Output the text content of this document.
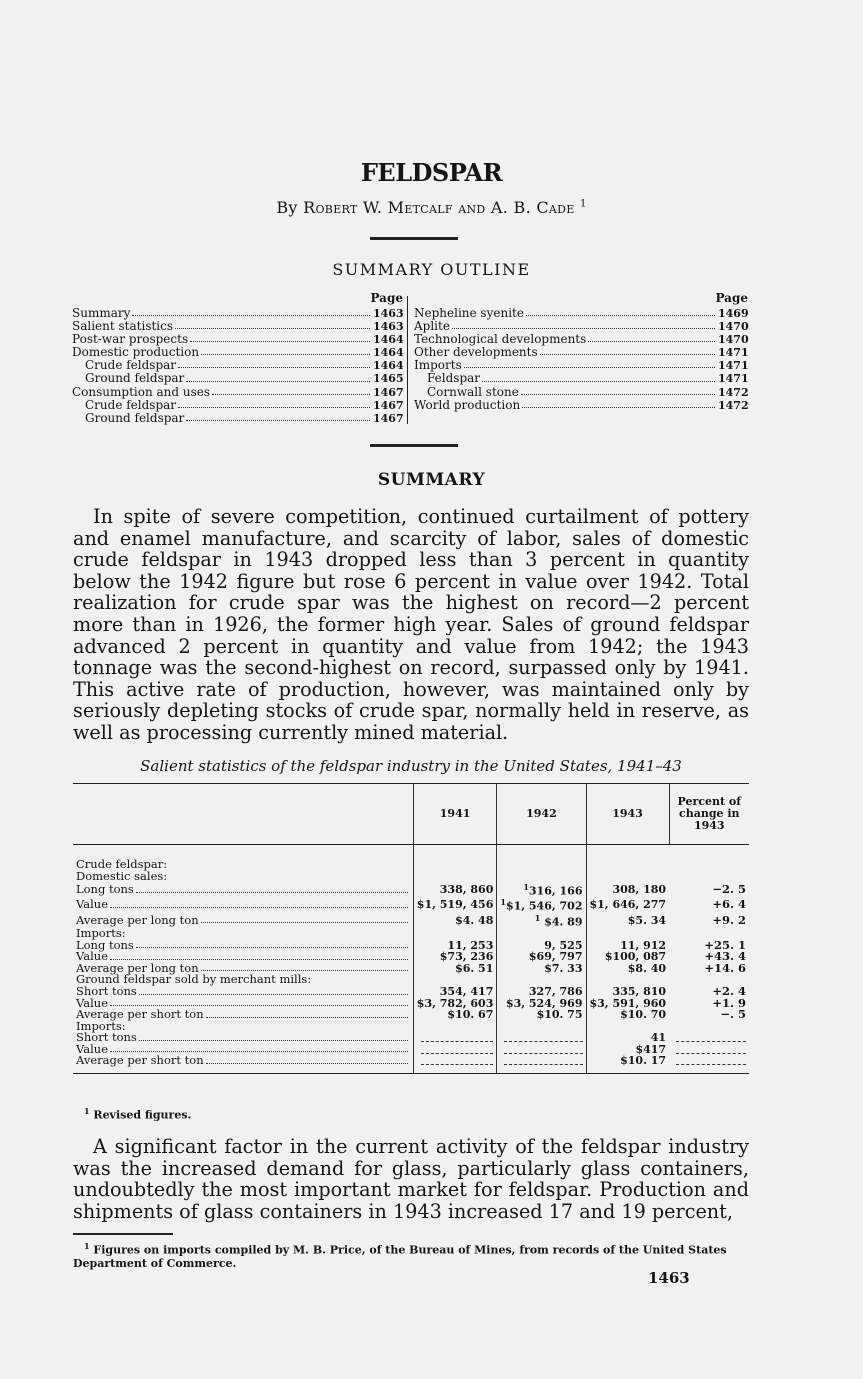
FELDSPAR
By Robert W. Metcalf and A. B. Cade $^1$
SUMMARY OUTLINE
Page
Summary	1463
Salient statistics	1463
Post-war prospects	1464
Domestic production	1464
Crude feldspar	1464
Ground feldspar	1465
Consumption and uses	1467
Crude feldspar	1467
Ground feldspar	1467
Page
Nepheline syenite	1469
Aplite	1470
Technological developments	1470
Other developments	1471
Imports	1471
Feldspar	1471
Cornwall stone	1472
World production	1472
SUMMARY
In spite of severe competition, continued curtailment of pottery and enamel manufacture, and scarcity of labor, sales of domestic crude feldspar in 1943 dropped less than 3 percent in quantity below the 1942 figure but rose 6 percent in value over 1942. Total realization for crude spar was the highest on record—2 percent more than in 1926, the former high year. Sales of ground feldspar advanced 2 percent in quantity and value from 1942; the 1943 tonnage was the second-highest on record, surpassed only by 1941. This active rate of production, however, was maintained only by seriously depleting stocks of crude spar, normally held in reserve, as well as processing currently mined material.
Salient statistics of the feldspar industry in the United States, 1941–43
	1941	1942	1943	Percent of change in 1943

Crude feldspar:				
Domestic sales:				

Long tons	338, 860	$^1$316, 166	308, 180	−2. 5

Value	$1, 519, 456	$^1$\$1, 546, 702	$1, 646, 277	+6. 4

Average per long ton	$4. 48	$^1$ $4. 89	$5. 34	+9. 2
Imports:				

Long tons	11, 253	9, 525	11, 912	+25. 1

Value	$73, 236	$69, 797	$100, 087	+43. 4

Average per long ton	$6. 51	$7. 33	$8. 40	+14. 6
Ground feldspar sold by merchant mills:				

Short tons	354, 417	327, 786	335, 810	+2. 4

Value	$3, 782, 603	$3, 524, 969	$3, 591, 960	+1. 9

Average per short ton	$10. 67	$10. 75	$10. 70	−. 5
Imports:				

Short tons			41	

Value			$417	

Average per short ton			$10. 17	
$^1$ Revised figures.
A significant factor in the current activity of the feldspar industry was the increased demand for glass, particularly glass containers, undoubtedly the most important market for feldspar. Production and shipments of glass containers in 1943 increased 17 and 19 percent,
$^1$ Figures on imports compiled by M. B. Price, of the Bureau of Mines, from records of the United States
Department of Commerce.
1463
